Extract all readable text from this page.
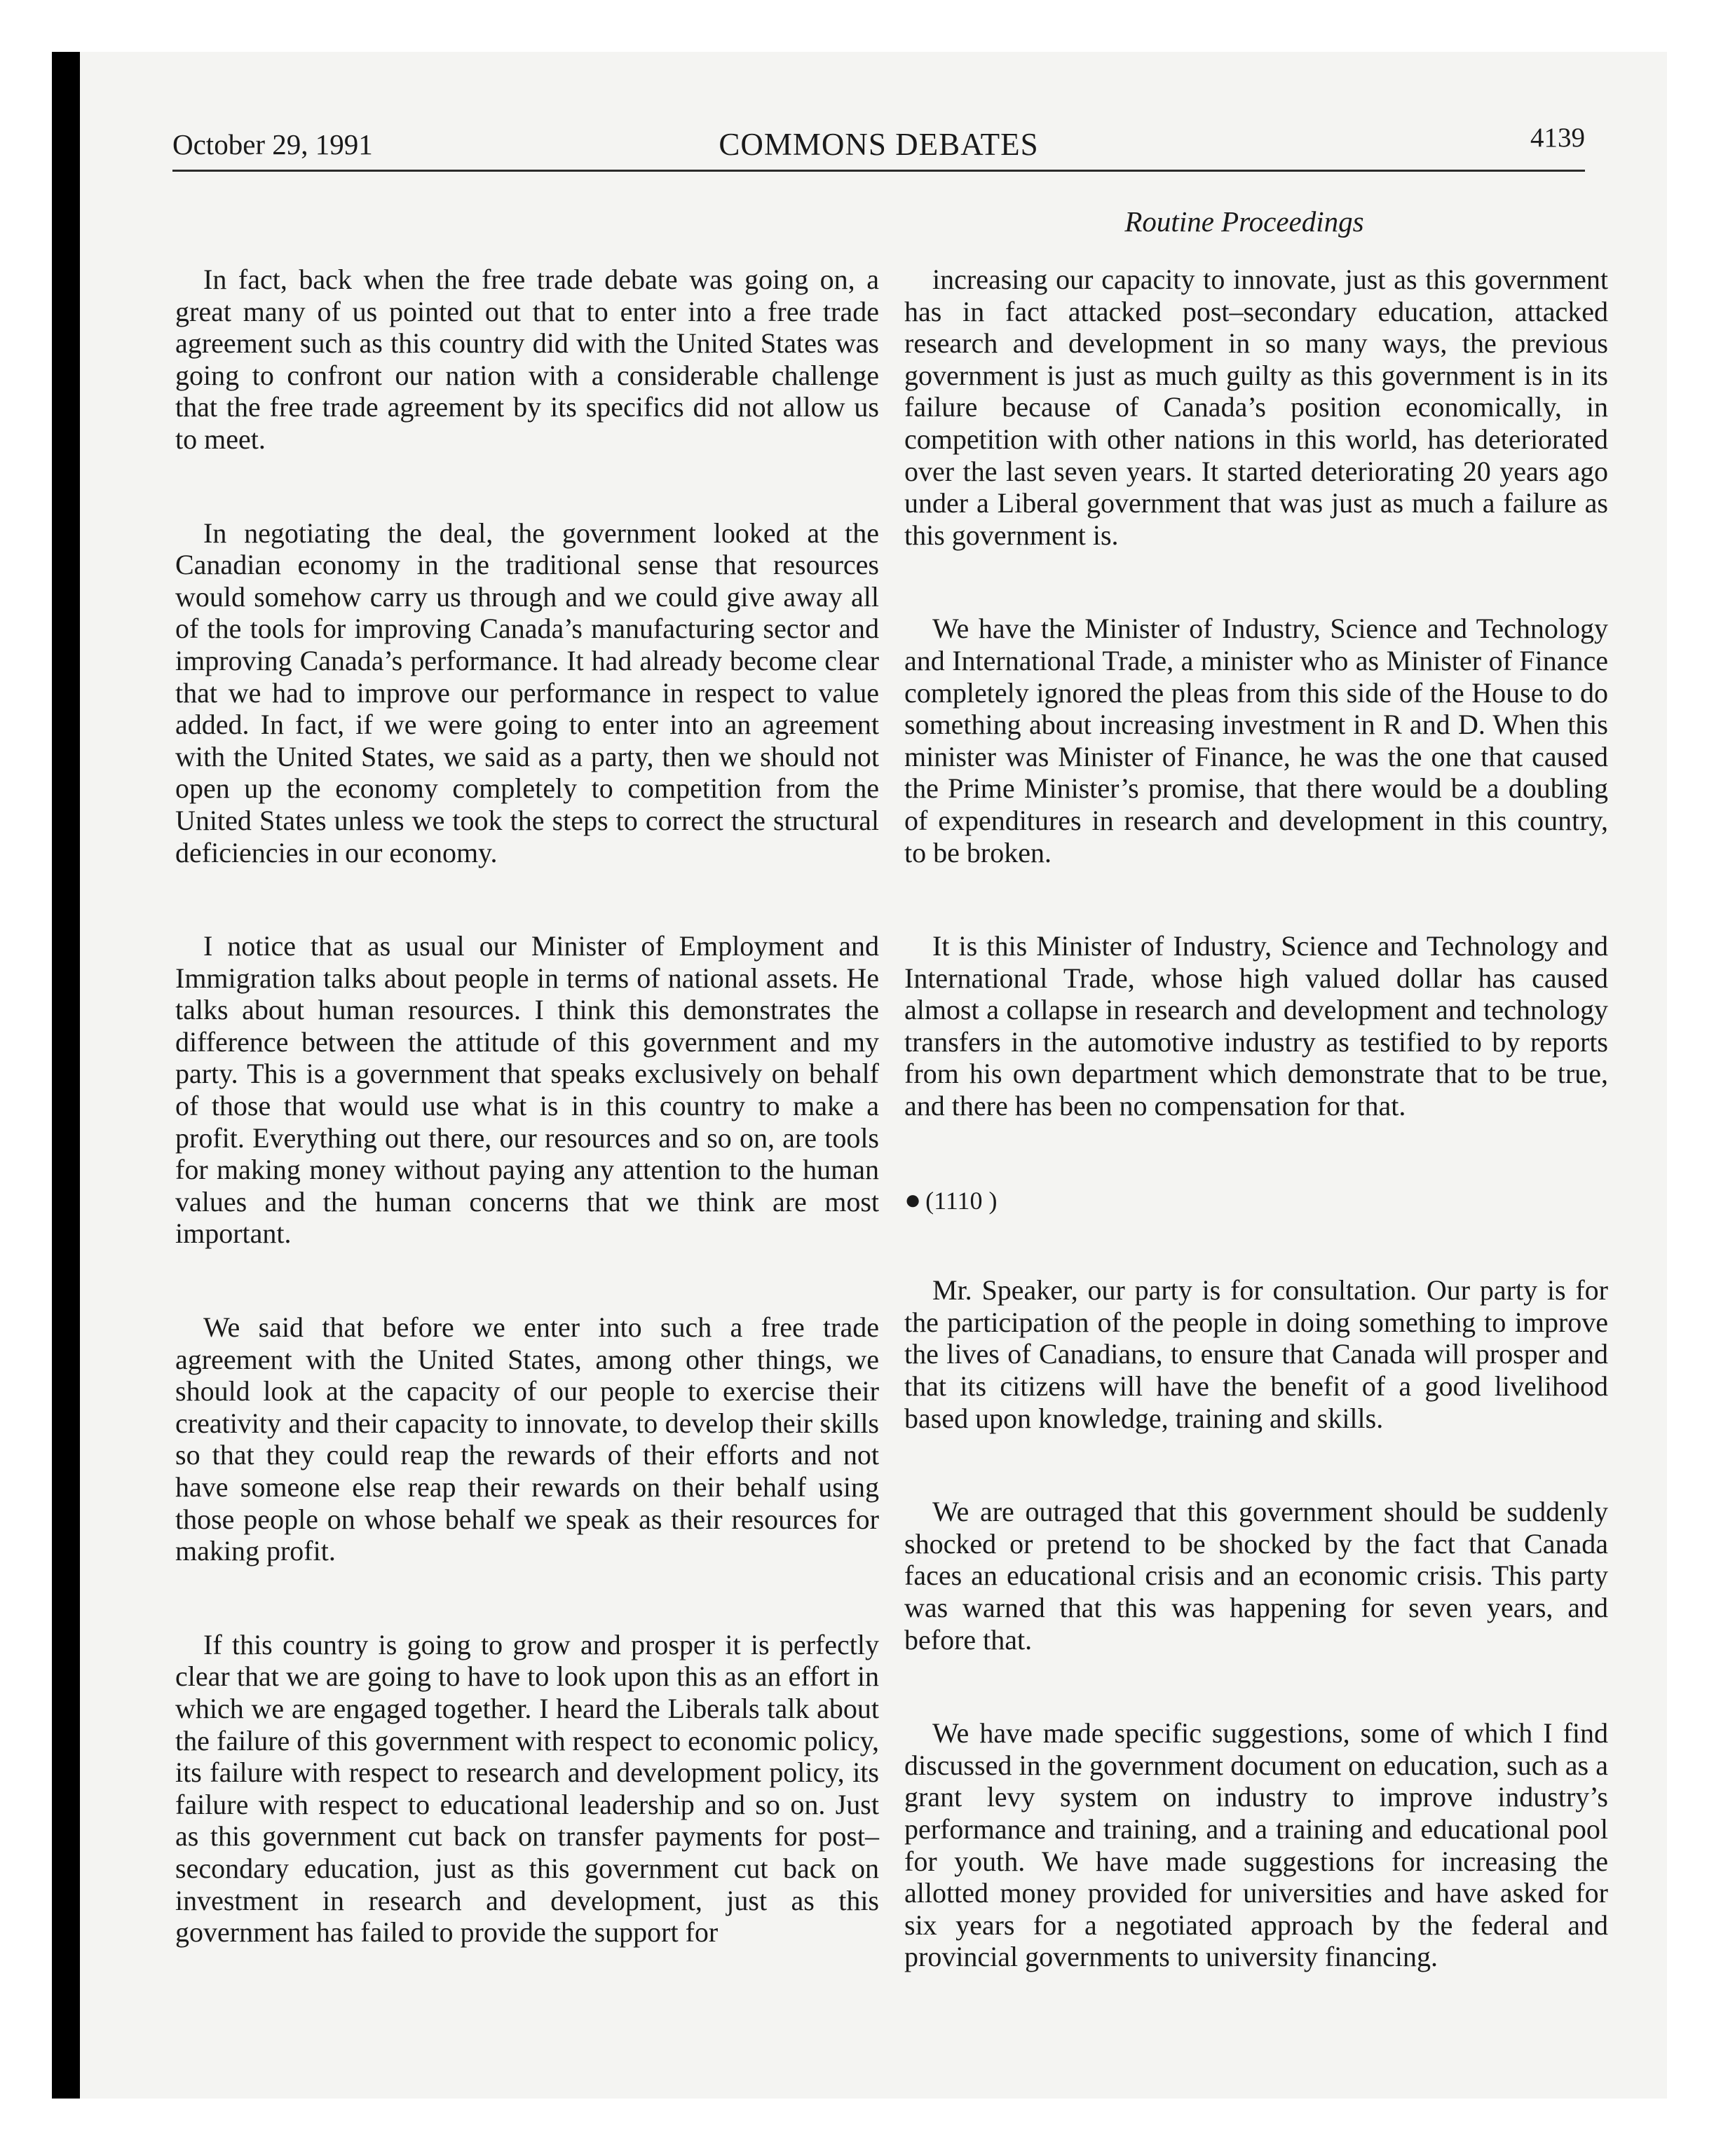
October 29, 1991	COMMONS DEBATES	4139
Routine Proceedings

In fact, back when the free trade debate was going on, a great many of us pointed out that to enter into a free trade agreement such as this country did with the United States was going to confront our nation with a considerable challenge that the free trade agreement by its specifics did not allow us to meet.

In negotiating the deal, the government looked at the Canadian economy in the traditional sense that resources would somehow carry us through and we could give away all of the tools for improving Canada’s manufacturing sector and improving Canada’s performance. It had already become clear that we had to improve our performance in respect to value added. In fact, if we were going to enter into an agreement with the United States, we said as a party, then we should not open up the economy completely to competition from the United States unless we took the steps to correct the structural deficiencies in our economy.

I notice that as usual our Minister of Employment and Immigration talks about people in terms of national assets. He talks about human resources. I think this demonstrates the difference between the attitude of this government and my party. This is a government that speaks exclusively on behalf of those that would use what is in this country to make a profit. Everything out there, our resources and so on, are tools for making money without paying any attention to the human values and the human concerns that we think are most important.

We said that before we enter into such a free trade agreement with the United States, among other things, we should look at the capacity of our people to exercise their creativity and their capacity to innovate, to develop their skills so that they could reap the rewards of their efforts and not have someone else reap their rewards on their behalf using those people on whose behalf we speak as their resources for making profit.

If this country is going to grow and prosper it is perfectly clear that we are going to have to look upon this as an effort in which we are engaged together. I heard the Liberals talk about the failure of this government with respect to economic policy, its failure with respect to research and development policy, its failure with respect to educational leadership and so on. Just as this government cut back on transfer payments for post–secondary education, just as this government cut back on investment in research and development, just as this government has failed to provide the support for

increasing our capacity to innovate, just as this government has in fact attacked post–secondary education, attacked research and development in so many ways, the previous government is just as much guilty as this government is in its failure because of Canada’s position economically, in competition with other nations in this world, has deteriorated over the last seven years. It started deteriorating 20 years ago under a Liberal government that was just as much a failure as this government is.

We have the Minister of Industry, Science and Technology and International Trade, a minister who as Minister of Finance completely ignored the pleas from this side of the House to do something about increasing investment in R and D. When this minister was Minister of Finance, he was the one that caused the Prime Minister’s promise, that there would be a doubling of expenditures in research and development in this country, to be broken.

It is this Minister of Industry, Science and Technology and International Trade, whose high valued dollar has caused almost a collapse in research and development and technology transfers in the automotive industry as testified to by reports from his own department which demonstrate that to be true, and there has been no compensation for that.

● (1110 )

Mr. Speaker, our party is for consultation. Our party is for the participation of the people in doing something to improve the lives of Canadians, to ensure that Canada will prosper and that its citizens will have the benefit of a good livelihood based upon knowledge, training and skills.

We are outraged that this government should be suddenly shocked or pretend to be shocked by the fact that Canada faces an educational crisis and an economic crisis. This party was warned that this was happening for seven years, and before that.

We have made specific suggestions, some of which I find discussed in the government document on education, such as a grant levy system on industry to improve industry’s performance and training, and a training and educational pool for youth. We have made suggestions for increasing the allotted money provided for universities and have asked for six years for a negotiated approach by the federal and provincial governments to university financing.
